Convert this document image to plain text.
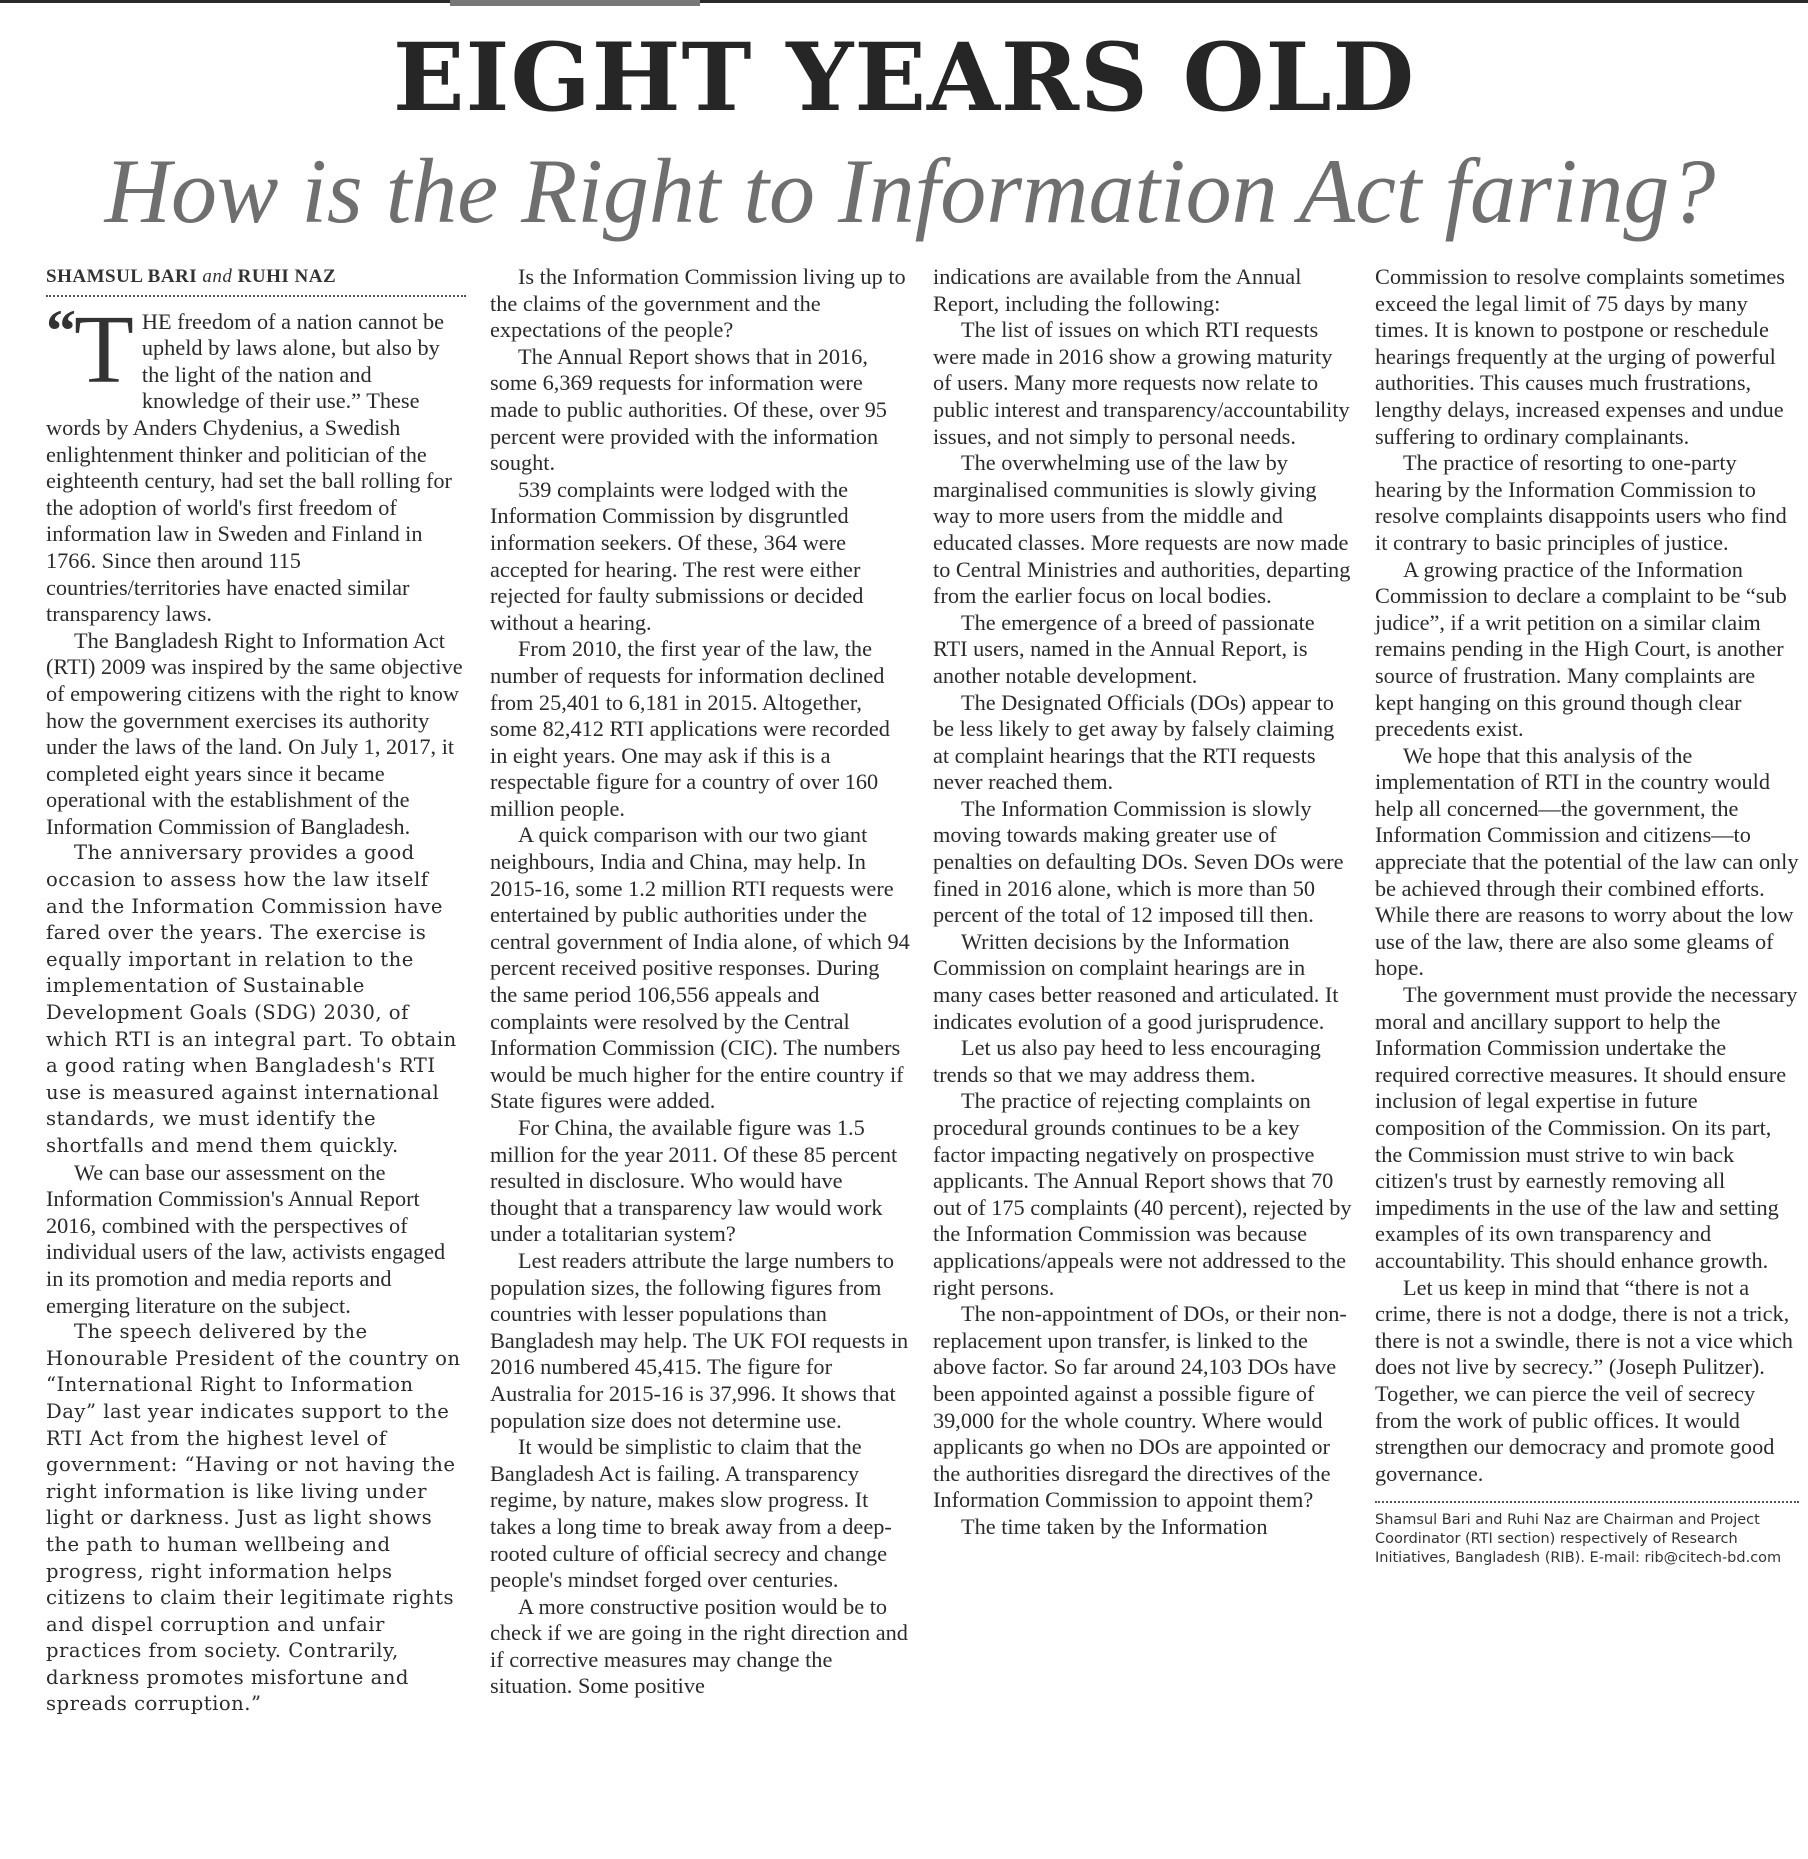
EIGHT YEARS OLD
How is the Right to Information Act faring?
SHAMSUL BARI and RUHI NAZ

“
T HE freedom of a nation cannot be upheld by laws alone, but also by the light of the nation and knowledge of their use.” These words by Anders Chydenius, a Swedish enlightenment thinker and politician of the eighteenth century, had set the ball rolling for the adoption of world's first freedom of information law in Sweden and Finland in 1766. Since then around 115 countries/territories have enacted similar transparency laws.

The Bangladesh Right to Information Act (RTI) 2009 was inspired by the same objective of empowering citizens with the right to know how the government exercises its authority under the laws of the land. On July 1, 2017, it completed eight years since it became operational with the establishment of the Information Commission of Bangladesh.

The anniversary provides a good occasion to assess how the law itself and the Information Commission have fared over the years. The exercise is equally important in relation to the implementation of Sustainable Development Goals (SDG) 2030, of which RTI is an integral part. To obtain a good rating when Bangladesh's RTI use is measured against international standards, we must identify the shortfalls and mend them quickly.

We can base our assessment on the Information Commission's Annual Report 2016, combined with the perspectives of individual users of the law, activists engaged in its promotion and media reports and emerging literature on the subject.

The speech delivered by the Honourable President of the country on “International Right to Information Day” last year indicates support to the RTI Act from the highest level of government: “Having or not having the right information is like living under light or darkness. Just as light shows the path to human wellbeing and progress, right information helps citizens to claim their legitimate rights and dispel corruption and unfair practices from society. Contrarily, darkness promotes misfortune and spreads corruption.”

Is the Information Commission living up to the claims of the government and the expectations of the people?

The Annual Report shows that in 2016, some 6,369 requests for information were made to public authorities. Of these, over 95 percent were provided with the information sought.

539 complaints were lodged with the Information Commission by disgruntled information seekers. Of these, 364 were accepted for hearing. The rest were either rejected for faulty submissions or decided without a hearing.

From 2010, the first year of the law, the number of requests for information declined from 25,401 to 6,181 in 2015. Altogether, some 82,412 RTI applications were recorded in eight years. One may ask if this is a respectable figure for a country of over 160 million people.

A quick comparison with our two giant neighbours, India and China, may help. In 2015-16, some 1.2 million RTI requests were entertained by public authorities under the central government of India alone, of which 94 percent received positive responses. During the same period 106,556 appeals and complaints were resolved by the Central Information Commission (CIC). The numbers would be much higher for the entire country if State figures were added.

For China, the available figure was 1.5 million for the year 2011. Of these 85 percent resulted in disclosure. Who would have thought that a transparency law would work under a totalitarian system?

Lest readers attribute the large numbers to population sizes, the following figures from countries with lesser populations than Bangladesh may help. The UK FOI requests in 2016 numbered 45,415. The figure for Australia for 2015-16 is 37,996. It shows that population size does not determine use.

It would be simplistic to claim that the Bangladesh Act is failing. A transparency regime, by nature, makes slow progress. It takes a long time to break away from a deep-rooted culture of official secrecy and change people's mindset forged over centuries.

A more constructive position would be to check if we are going in the right direction and if corrective measures may change the situation. Some positive

indications are available from the Annual Report, including the following:

The list of issues on which RTI requests were made in 2016 show a growing maturity of users. Many more requests now relate to public interest and transparency/accountability issues, and not simply to personal needs.

The overwhelming use of the law by marginalised communities is slowly giving way to more users from the middle and educated classes. More requests are now made to Central Ministries and authorities, departing from the earlier focus on local bodies.

The emergence of a breed of passionate RTI users, named in the Annual Report, is another notable development.

The Designated Officials (DOs) appear to be less likely to get away by falsely claiming at complaint hearings that the RTI requests never reached them.

The Information Commission is slowly moving towards making greater use of penalties on defaulting DOs. Seven DOs were fined in 2016 alone, which is more than 50 percent of the total of 12 imposed till then.

Written decisions by the Information Commission on complaint hearings are in many cases better reasoned and articulated. It indicates evolution of a good jurisprudence.

Let us also pay heed to less encouraging trends so that we may address them.

The practice of rejecting complaints on procedural grounds continues to be a key factor impacting negatively on prospective applicants. The Annual Report shows that 70 out of 175 complaints (40 percent), rejected by the Information Commission was because applications/appeals were not addressed to the right persons.

The non-appointment of DOs, or their non-replacement upon transfer, is linked to the above factor. So far around 24,103 DOs have been appointed against a possible figure of 39,000 for the whole country. Where would applicants go when no DOs are appointed or the authorities disregard the directives of the Information Commission to appoint them?

The time taken by the Information

Commission to resolve complaints sometimes exceed the legal limit of 75 days by many times. It is known to postpone or reschedule hearings frequently at the urging of powerful authorities. This causes much frustrations, lengthy delays, increased expenses and undue suffering to ordinary complainants.

The practice of resorting to one-party hearing by the Information Commission to resolve complaints disappoints users who find it contrary to basic principles of justice.

A growing practice of the Information Commission to declare a complaint to be “sub judice”, if a writ petition on a similar claim remains pending in the High Court, is another source of frustration. Many complaints are kept hanging on this ground though clear precedents exist.

We hope that this analysis of the implementation of RTI in the country would help all concerned—the government, the Information Commission and citizens—to appreciate that the potential of the law can only be achieved through their combined efforts. While there are reasons to worry about the low use of the law, there are also some gleams of hope.

The government must provide the necessary moral and ancillary support to help the Information Commission undertake the required corrective measures. It should ensure inclusion of legal expertise in future composition of the Commission. On its part, the Commission must strive to win back citizen's trust by earnestly removing all impediments in the use of the law and setting examples of its own transparency and accountability. This should enhance growth.

Let us keep in mind that “there is not a crime, there is not a dodge, there is not a trick, there is not a swindle, there is not a vice which does not live by secrecy.” (Joseph Pulitzer). Together, we can pierce the veil of secrecy from the work of public offices. It would strengthen our democracy and promote good governance.

Shamsul Bari and Ruhi Naz are Chairman and Project Coordinator (RTI section) respectively of Research Initiatives, Bangladesh (RIB). E-mail: rib@citech-bd.com
